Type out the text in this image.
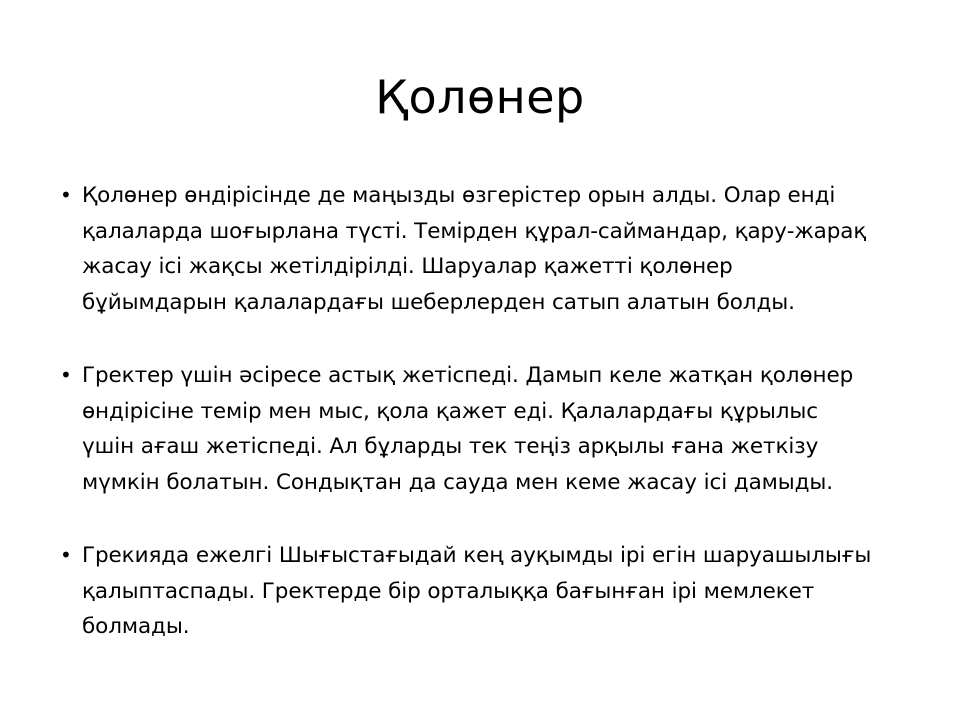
Қолөнер
• Қолөнер өндірісінде де маңызды өзгерістер орын алды. Олар енді
қалаларда шоғырлана түсті. Темірден құрал-саймандар, қару-жарақ
жасау ісі жақсы жетілдірілді. Шаруалар қажетті қолөнер
бұйымдарын қалалардағы шеберлерден сатып алатын болды.
• Гректер үшін әсіресе астық жетіспеді. Дамып келе жатқан қолөнер
өндірісіне темір мен мыс, қола қажет еді. Қалалардағы құрылыс
үшін ағаш жетіспеді. Ал бұларды тек теңіз арқылы ғана жеткізу
мүмкін болатын. Сондықтан да сауда мен кеме жасау ісі дамыды.
• Грекияда ежелгі Шығыстағыдай кең ауқымды ірі егін шаруашылығы
қалыптаспады. Гректерде бір орталыққа бағынған ірі мемлекет
болмады.
